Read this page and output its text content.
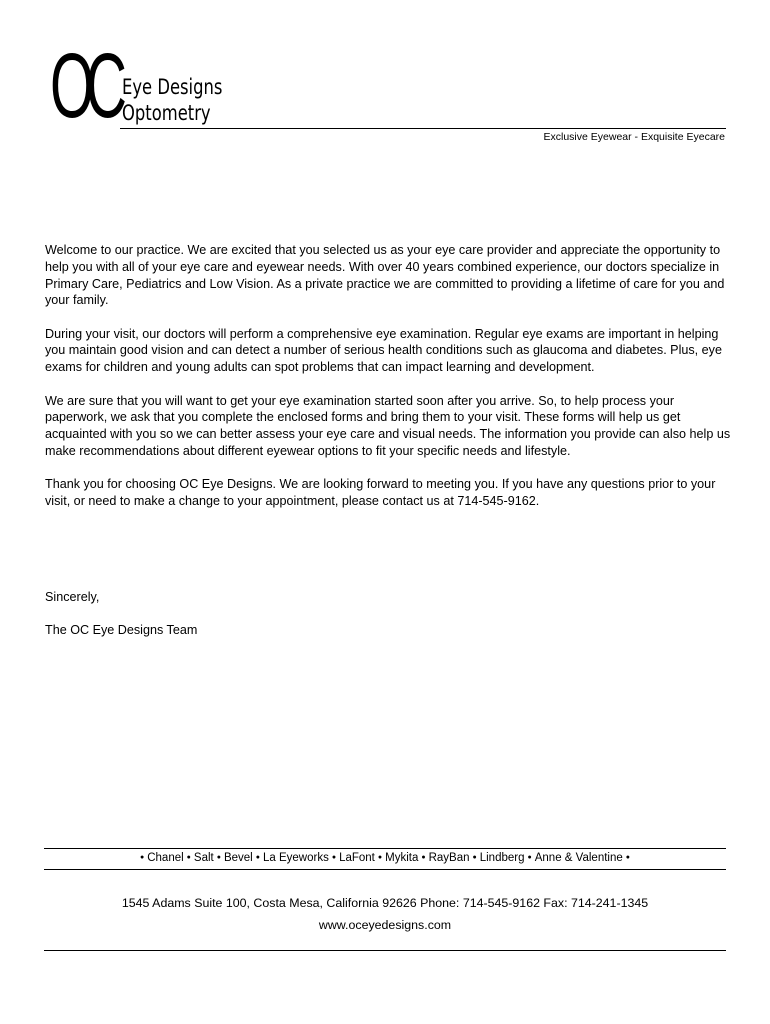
OC Eye Designs
Optometry
Exclusive Eyewear - Exquisite Eyecare

Welcome to our practice. We are excited that you selected us as your eye care provider and appreciate the opportunity to help you with all of your eye care and eyewear needs. With over 40 years combined experience, our doctors specialize in Primary Care, Pediatrics and Low Vision. As a private practice we are committed to providing a lifetime of care for you and your family.

During your visit, our doctors will perform a comprehensive eye examination. Regular eye exams are important in helping you maintain good vision and can detect a number of serious health conditions such as glaucoma and diabetes. Plus, eye exams for children and young adults can spot problems that can impact learning and development.

We are sure that you will want to get your eye examination started soon after you arrive. So, to help process your paperwork, we ask that you complete the enclosed forms and bring them to your visit. These forms will help us get acquainted with you so we can better assess your eye care and visual needs. The information you provide can also help us make recommendations about different eyewear options to fit your specific needs and lifestyle.

Thank you for choosing OC Eye Designs. We are looking forward to meeting you. If you have any questions prior to your visit, or need to make a change to your appointment, please contact us at 714-545-9162.

Sincerely,

The OC Eye Designs Team

● Chanel ● Salt ● Bevel ● La Eyeworks ● LaFont ● Mykita ● RayBan ● Lindberg ● Anne & Valentine ●
1545 Adams Suite 100, Costa Mesa, California 92626 Phone: 714-545-9162 Fax: 714-241-1345
www.oceyedesigns.com
